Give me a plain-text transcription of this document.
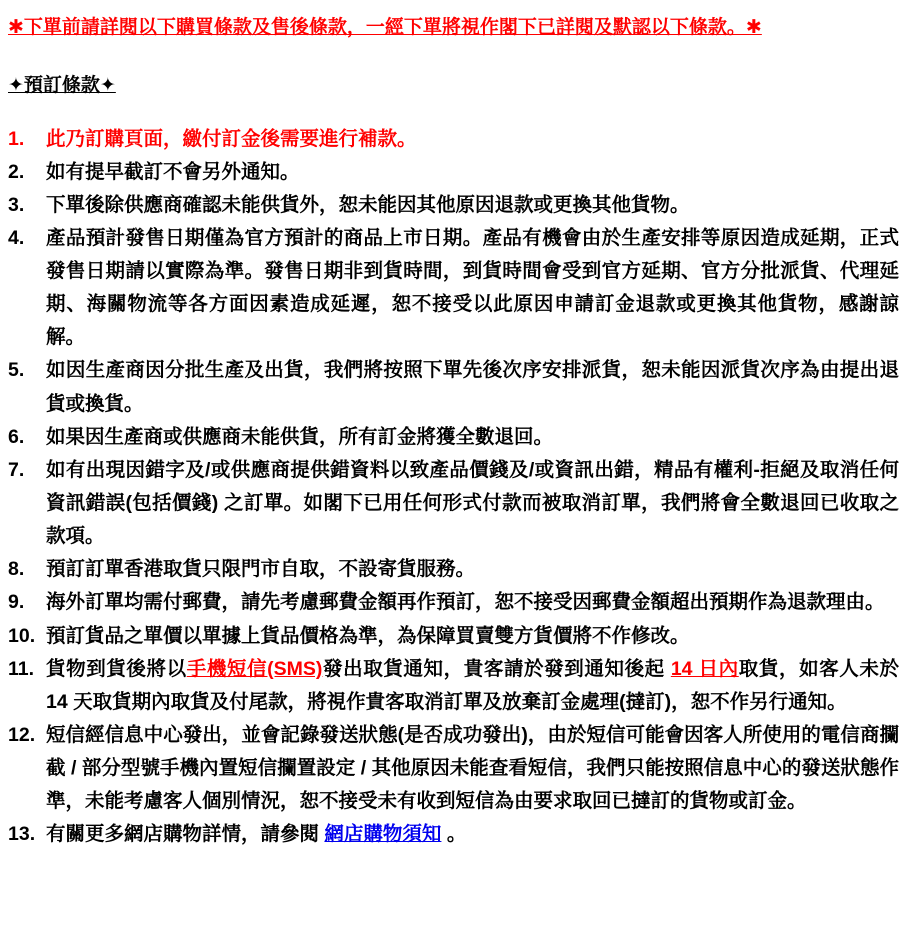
✱下單前請詳閱以下購買條款及售後條款，一經下單將視作閣下已詳閱及默認以下條款。✱
✦預訂條款✦
1.	此乃訂購頁面，繳付訂金後需要進行補款。
2.	如有提早截訂不會另外通知。
3.	下單後除供應商確認未能供貨外，恕未能因其他原因退款或更換其他貨物。
4.	產品預計發售日期僅為官方預計的商品上市日期。產品有機會由於生產安排等原因造成延期，正式發售日期請以實際為準。發售日期非到貨時間，到貨時間會受到官方延期、官方分批派貨、代理延期、海關物流等各方面因素造成延遲，恕不接受以此原因申請訂金退款或更換其他貨物，感謝諒解。
5.	如因生產商因分批生產及出貨，我們將按照下單先後次序安排派貨，恕未能因派貨次序為由提出退貨或換貨。
6.	如果因生產商或供應商未能供貨，所有訂金將獲全數退回。
7.	如有出現因錯字及/或供應商提供錯資料以致產品價錢及/或資訊出錯，精品有權利-拒絕及取消任何資訊錯誤(包括價錢) 之訂單。如閣下已用任何形式付款而被取消訂單，我們將會全數退回已收取之款項。
8.	預訂訂單香港取貨只限門市自取，不設寄貨服務。
9.	海外訂單均需付郵費，請先考慮郵費金額再作預訂，恕不接受因郵費金額超出預期作為退款理由。
10. 預訂貨品之單價以單據上貨品價格為準，為保障買賣雙方貨價將不作修改。
11. 貨物到貨後將以手機短信(SMS)發出取貨通知，貴客請於發到通知後起 14 日內取貨，如客人未於 14 天取貨期內取貨及付尾款，將視作貴客取消訂單及放棄訂金處理(撻訂)，恕不作另行通知。
12. 短信經信息中心發出，並會記錄發送狀態(是否成功發出)，由於短信可能會因客人所使用的電信商攔截 / 部分型號手機內置短信攔置設定 / 其他原因未能查看短信，我們只能按照信息中心的發送狀態作準，未能考慮客人個別情況，恕不接受未有收到短信為由要求取回已撻訂的貨物或訂金。
13. 有關更多網店購物詳情，請參閱 網店購物須知 。
